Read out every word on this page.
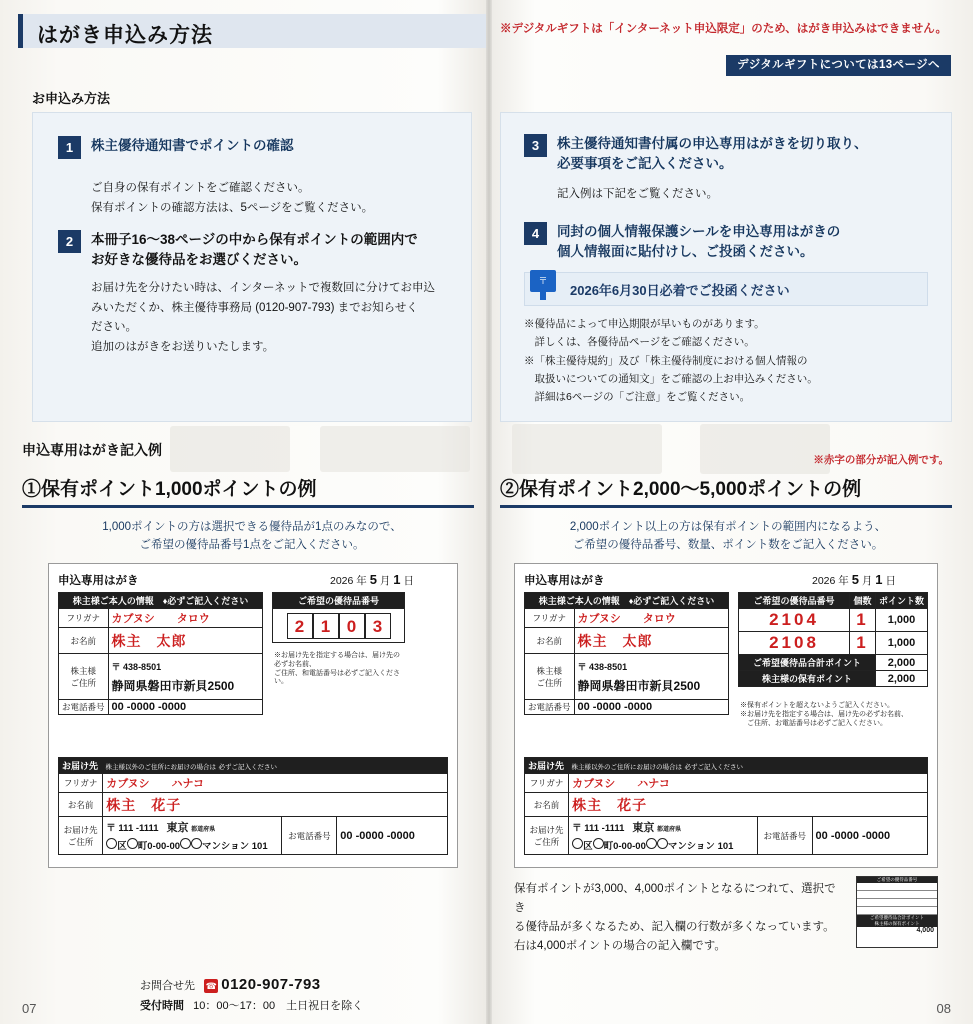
はがき申込み方法	※デジタルギフトは「インターネット申込限定」のため、はがき申込みはできません。
デジタルギフトについては13ページへ
お申込み方法
申込専用はがき記入例
1 株主優待通知書でポイントの確認
ご自身の保有ポイントをご確認ください。
保有ポイントの確認方法は、5ページをご覧ください。
2 本冊子16〜38ページの中から保有ポイントの範囲内で
お好きな優待品をお選びください。
お届け先を分けたい時は、インターネットで複数回に分けてお申込
みいただくか、株主優待事務局 (0120-907-793) までお知らせく
ださい。
追加のはがきをお送りいたします。
3 株主優待通知書付属の申込専用はがきを切り取り、
必要事項をご記入ください。
記入例は下記をご覧ください。
4 同封の個人情報保護シールを申込専用はがきの
個人情報面に貼付けし、ご投函ください。
〒
2026年6月30日必着でご投函ください
※優待品によって申込期限が早いものがあります。
　詳しくは、各優待品ページをご確認ください。
※「株主優待規約」及び「株主優待制度における個人情報の
　取扱いについての通知文」をご確認の上お申込みください。
　詳細は6ページの「ご注意」をご覧ください。
※赤字の部分が記入例です。
①保有ポイント1,000ポイントの例
1,000ポイントの方は選択できる優待品が1点のみなので、
ご希望の優待品番号1点をご記入ください。
申込専用はがき	2026 年 5 月 1 日
株主様ご本人の情報　♦必ずご記入ください	
フリガナ	カブヌシ　　タロウ
お名前	株主　太郎
株主様
ご住所	
〒 438-8501
静岡県磐田市新貝2500

お電話番号	00 -0000 -0000
ご希望の優待品番号
2 1 0 3
※お届け先を指定する場合は、届け先の必ずお名前、
ご住所、和電話番号は必ずご記入ください。
お届け先 株主様以外のご住所にお届けの場合は 必ずご記入ください			
フリガナ	カブヌシ　　ハナコ		
お名前	株主　花子		
お届け先
ご住所	
〒 111 -1111 東京 都道府県
区 町0-00-00 マンション 101
	お電話番号	00 -0000 -0000
②保有ポイント2,000〜5,000ポイントの例
2,000ポイント以上の方は保有ポイントの範囲内になるよう、
ご希望の優待品番号、数量、ポイント数をご記入ください。
申込専用はがき	2026 年 5 月 1 日
株主様ご本人の情報　♦必ずご記入ください	
フリガナ	カブヌシ　　タロウ
お名前	株主　太郎
株主様
ご住所	
〒 438-8501
静岡県磐田市新貝2500

お電話番号	00 -0000 -0000
ご希望の優待品番号	個数	ポイント数
2104	1	1,000
2108	1	1,000
ご希望優待品合計ポイント		2,000
株主様の保有ポイント		2,000
※保有ポイントを超えないようご記入ください。
※お届け先を指定する場合は、届け先の必ずお名前、
　ご住所、お電話番号は必ずご記入ください。
お届け先 株主様以外のご住所にお届けの場合は 必ずご記入ください			
フリガナ	カブヌシ　　ハナコ		
お名前	株主　花子		
お届け先
ご住所	
〒 111 -1111 東京 都道府県
区 町0-00-00 マンション 101
	お電話番号	00 -0000 -0000
保有ポイントが3,000、4,000ポイントとなるにつれて、選択でき
る優待品が多くなるため、記入欄の行数が多くなっています。
右は4,000ポイントの場合の記入欄です。
ご希望の優待品番号
ご希望優待品合計ポイント
株主様の保有ポイント
4,000
お問合せ先 ☎ 0120-907-793
受付時間 10：00〜17：00　土日祝日を除く
07	08
